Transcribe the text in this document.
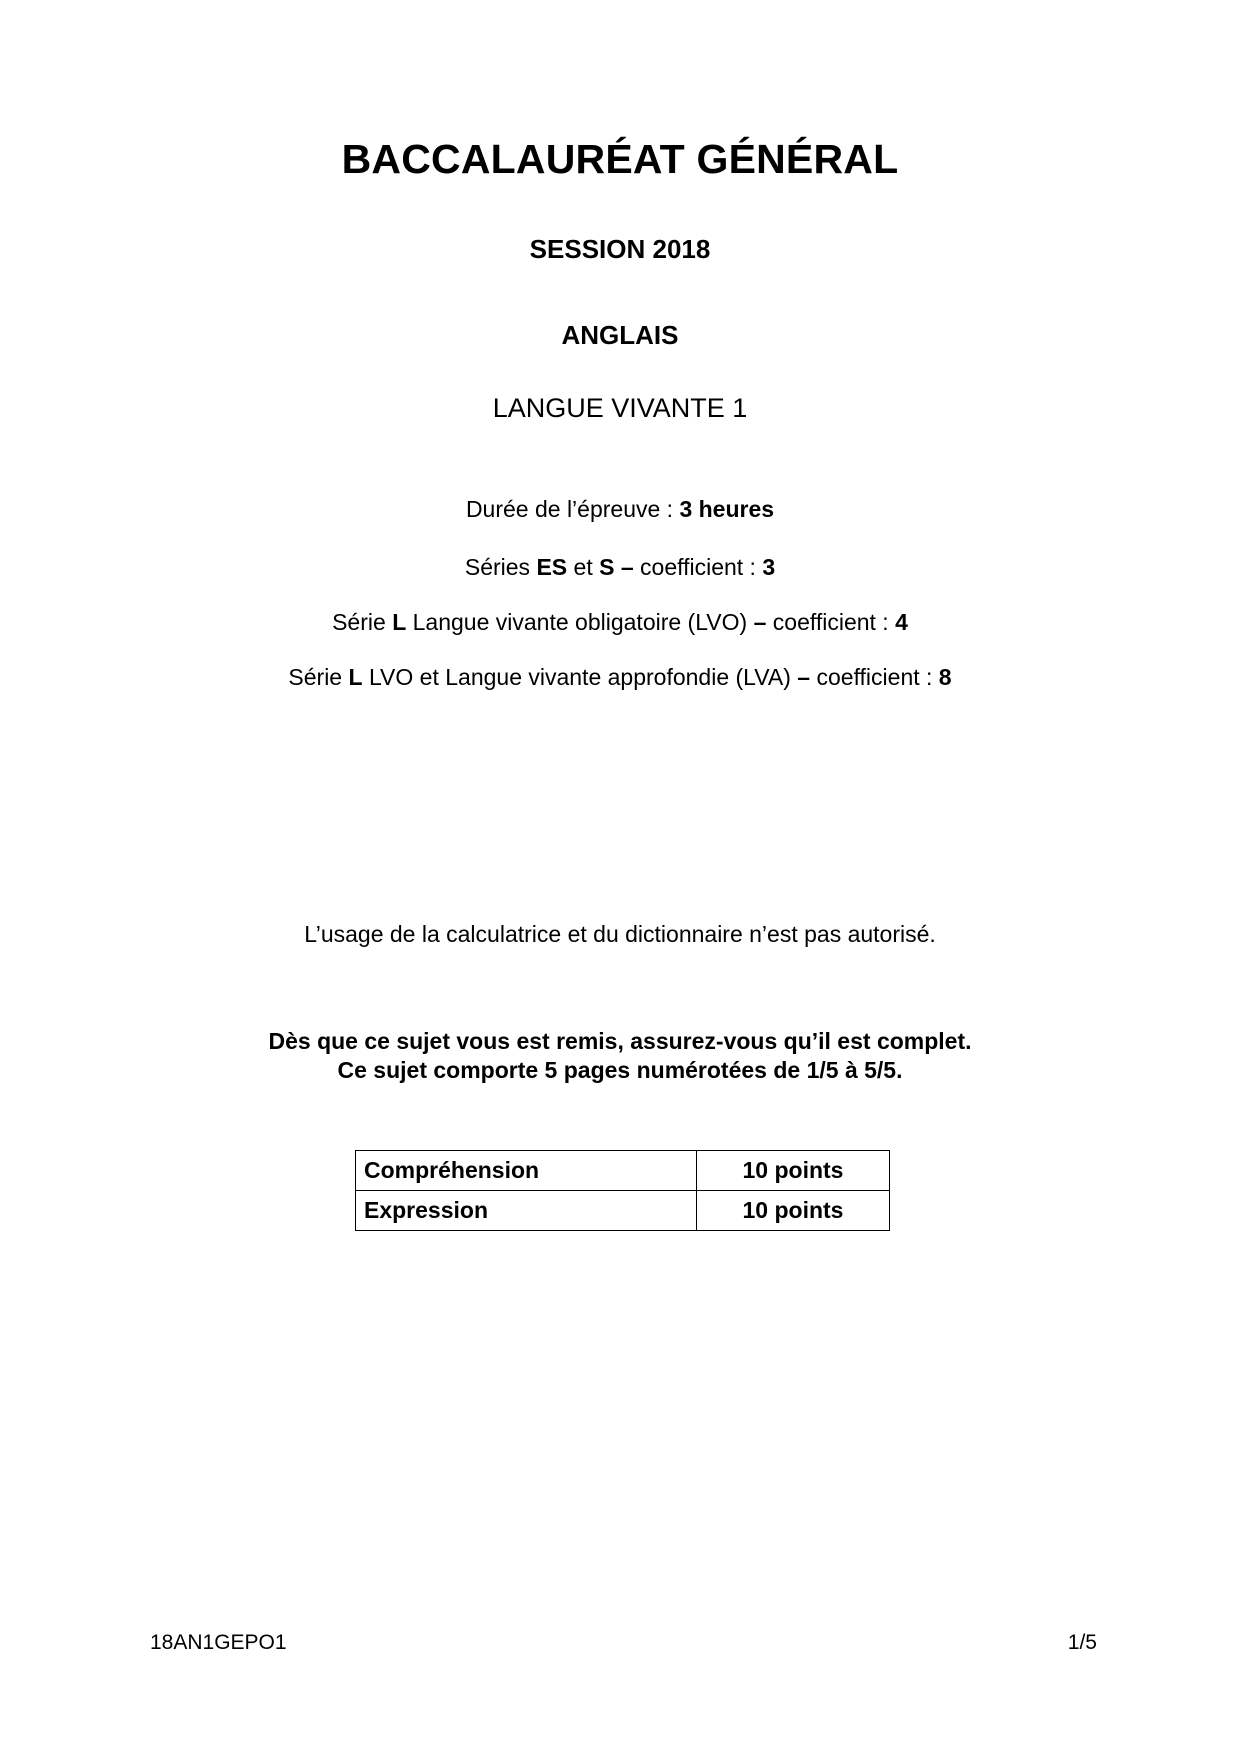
BACCALAURÉAT GÉNÉRAL
SESSION 2018
ANGLAIS
LANGUE VIVANTE 1
Durée de l’épreuve : 3 heures
Séries ES et S – coefficient : 3
Série L Langue vivante obligatoire (LVO) – coefficient : 4
Série L LVO et Langue vivante approfondie (LVA) – coefficient : 8
L’usage de la calculatrice et du dictionnaire n’est pas autorisé.
Dès que ce sujet vous est remis, assurez-vous qu’il est complet.
Ce sujet comporte 5 pages numérotées de 1/5 à 5/5.
Compréhension	10 points
Expression	10 points
18AN1GEPO1	1/5
